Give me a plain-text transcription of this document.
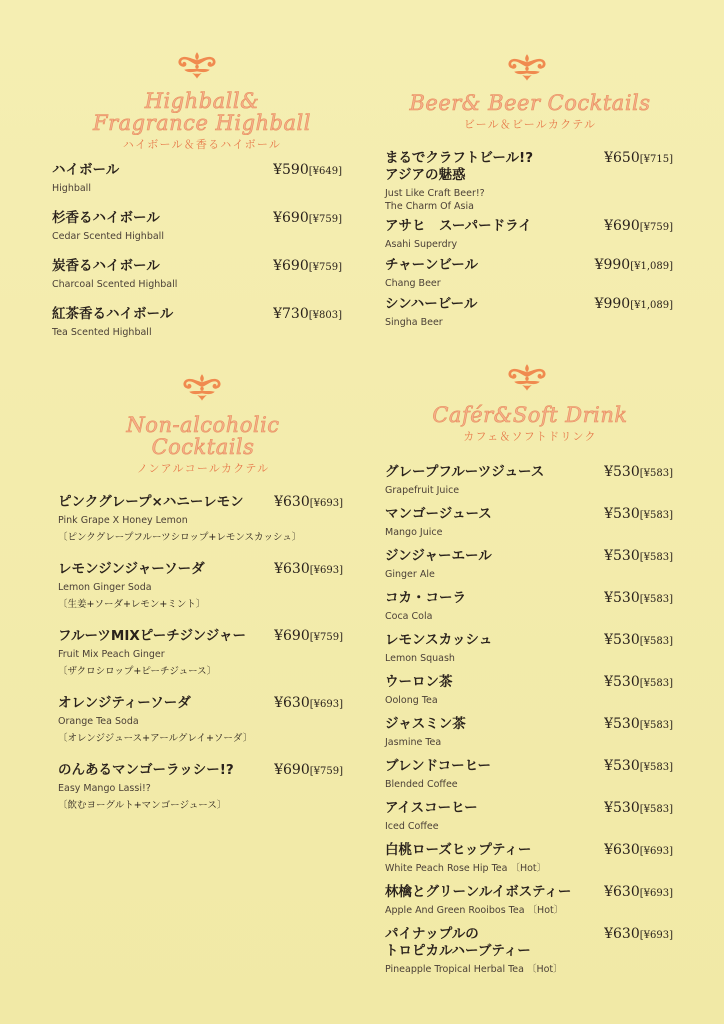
Highball&
Fragrance Highball
ハイボール＆香るハイボール
ハイボール
Highball
¥590[¥649]
杉香るハイボール
Cedar Scented Highball
¥690[¥759]
炭香るハイボール
Charcoal Scented Highball
¥690[¥759]
紅茶香るハイボール
Tea Scented Highball
¥730[¥803]
Beer& Beer Cocktails
ビール＆ビールカクテル
まるでクラフトビール!?
アジアの魅惑
Just Like Craft Beer!?
The Charm Of Asia
¥650[¥715]
アサヒ　スーパードライ
Asahi Superdry
¥690[¥759]
チャーンビール
Chang Beer
¥990[¥1,089]
シンハービール
Singha Beer
¥990[¥1,089]
Non-alcoholic
Cocktails
ノンアルコールカクテル
ピンクグレープ×ハニーレモン
Pink Grape X Honey Lemon
〔ピンクグレープフルーツシロップ+レモンスカッシュ〕
¥630[¥693]
レモンジンジャーソーダ
Lemon Ginger Soda
〔生姜+ソーダ+レモン+ミント〕
¥630[¥693]
フルーツMIXピーチジンジャー
Fruit Mix Peach Ginger
〔ザクロシロップ+ピーチジュース〕
¥690[¥759]
オレンジティーソーダ
Orange Tea Soda
〔オレンジジュース+アールグレイ+ソーダ〕
¥630[¥693]
のんあるマンゴーラッシー!?
Easy Mango Lassi!?
〔飲むヨーグルト+マンゴージュース〕
¥690[¥759]
Cafér&Soft Drink
カフェ＆ソフトドリンク
グレープフルーツジュース
Grapefruit Juice
¥530[¥583]
マンゴージュース
Mango Juice
¥530[¥583]
ジンジャーエール
Ginger Ale
¥530[¥583]
コカ・コーラ
Coca Cola
¥530[¥583]
レモンスカッシュ
Lemon Squash
¥530[¥583]
ウーロン茶
Oolong Tea
¥530[¥583]
ジャスミン茶
Jasmine Tea
¥530[¥583]
ブレンドコーヒー
Blended Coffee
¥530[¥583]
アイスコーヒー
Iced Coffee
¥530[¥583]
白桃ローズヒップティー
White Peach Rose Hip Tea 〔Hot〕
¥630[¥693]
林檎とグリーンルイボスティー
Apple And Green Rooibos Tea 〔Hot〕
¥630[¥693]
パイナップルの
トロピカルハーブティー
Pineapple Tropical Herbal Tea 〔Hot〕
¥630[¥693]
